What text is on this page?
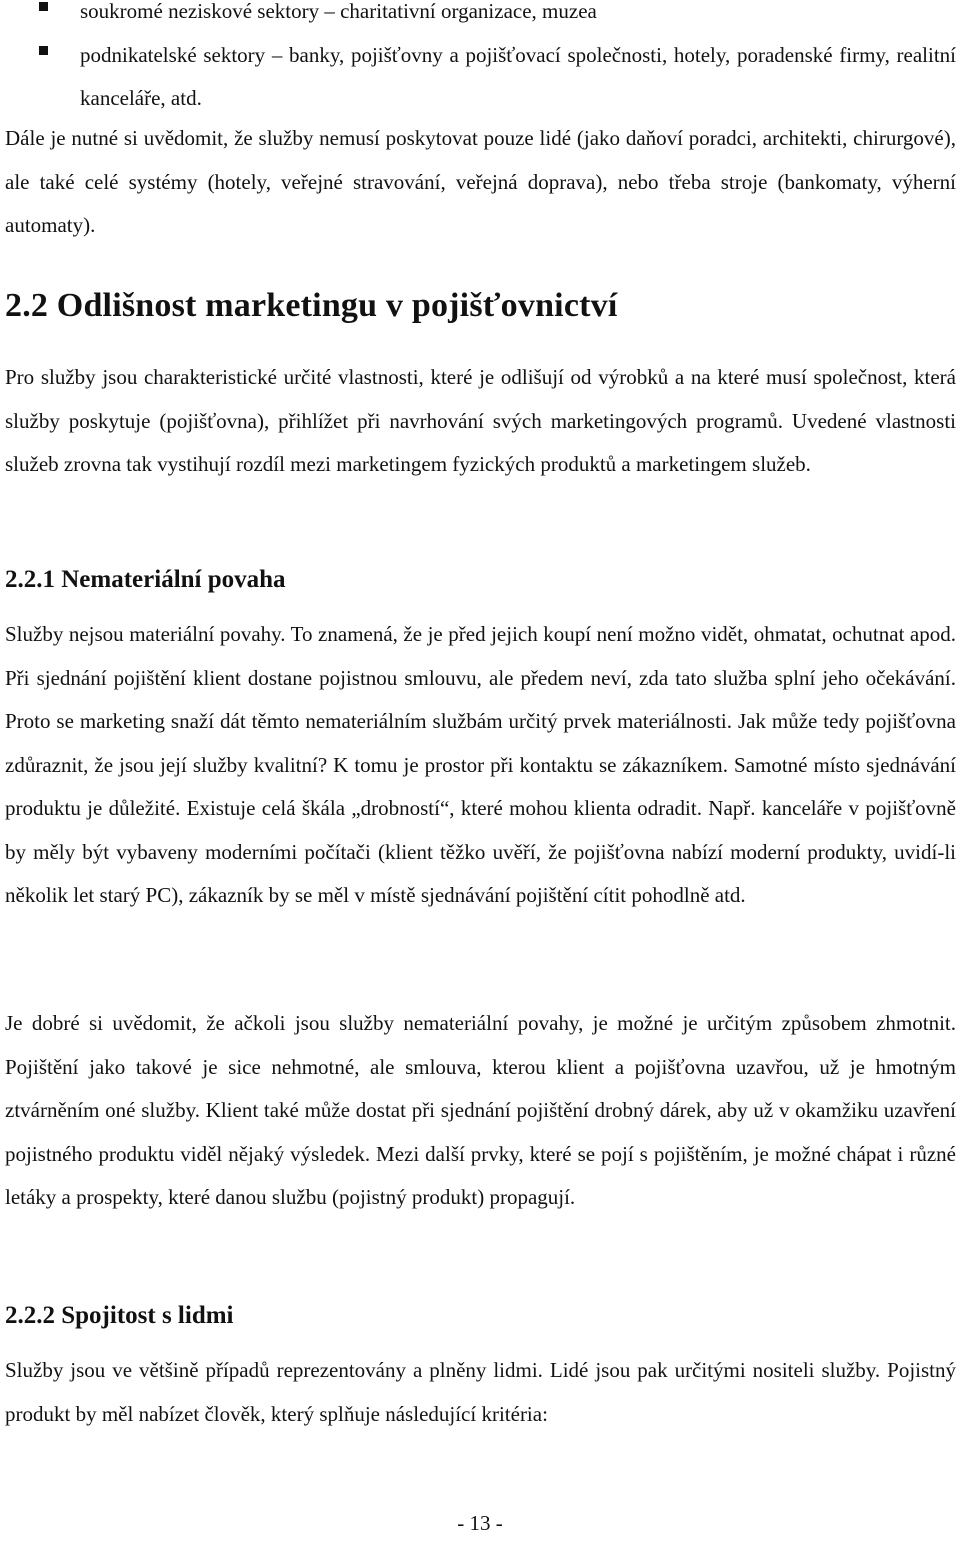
soukromé neziskové sektory – charitativní organizace, muzea
podnikatelské sektory – banky, pojišťovny a pojišťovací společnosti, hotely, poradenské firmy, realitní kanceláře, atd.

Dále je nutné si uvědomit, že služby nemusí poskytovat pouze lidé (jako daňoví poradci, architekti, chirurgové), ale také celé systémy (hotely, veřejné stravování, veřejná doprava), nebo třeba stroje (bankomaty, výherní automaty).

2.2 Odlišnost marketingu v pojišťovnictví

Pro služby jsou charakteristické určité vlastnosti, které je odlišují od výrobků a na které musí společnost, která služby poskytuje (pojišťovna), přihlížet při navrhování svých marketingových programů. Uvedené vlastnosti služeb zrovna tak vystihují rozdíl mezi marketingem fyzických produktů a marketingem služeb.

2.2.1 Nemateriální povaha

Služby nejsou materiální povahy. To znamená, že je před jejich koupí není možno vidět, ohmatat, ochutnat apod. Při sjednání pojištění klient dostane pojistnou smlouvu, ale předem neví, zda tato služba splní jeho očekávání. Proto se marketing snaží dát těmto nemateriálním službám určitý prvek materiálnosti. Jak může tedy pojišťovna zdůraznit, že jsou její služby kvalitní? K tomu je prostor při kontaktu se zákazníkem. Samotné místo sjednávání produktu je důležité. Existuje celá škála „drobností“, které mohou klienta odradit. Např. kanceláře v pojišťovně by měly být vybaveny moderními počítači (klient těžko uvěří, že pojišťovna nabízí moderní produkty, uvidí-li několik let starý PC), zákazník by se měl v místě sjednávání pojištění cítit pohodlně atd.

Je dobré si uvědomit, že ačkoli jsou služby nemateriální povahy, je možné je určitým způsobem zhmotnit. Pojištění jako takové je sice nehmotné, ale smlouva, kterou klient a pojišťovna uzavřou, už je hmotným ztvárněním oné služby. Klient také může dostat při sjednání pojištění drobný dárek, aby už v okamžiku uzavření pojistného produktu viděl nějaký výsledek. Mezi další prvky, které se pojí s pojištěním, je možné chápat i různé letáky a prospekty, které danou službu (pojistný produkt) propagují.

2.2.2 Spojitost s lidmi

Služby jsou ve většině případů reprezentovány a plněny lidmi. Lidé jsou pak určitými nositeli služby. Pojistný produkt by měl nabízet člověk, který splňuje následující kritéria:

- 13 -
